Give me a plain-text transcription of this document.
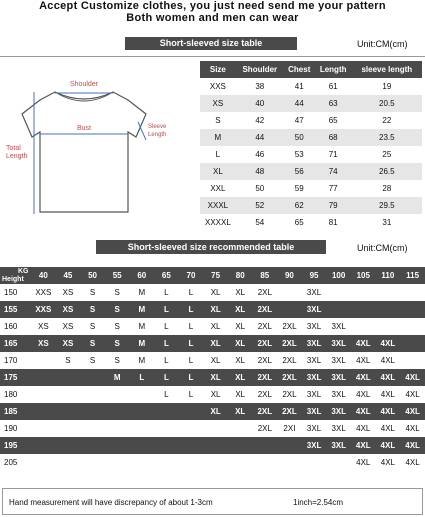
Accept Customize clothes, you just need send me your pattern
Both women and men can wear
Short-sleeved size table	Unit:CM(cm)
Shoulder
Bust	Sleeve
Length
Total
Length
Size	Shoulder	Chest	Length	sleeve length
XXS	38	41	61	19
XS	40	44	63	20.5
S	42	47	65	22
M	44	50	68	23.5
L	46	53	71	25
XL	48	56	74	26.5
XXL	50	59	77	28
XXXL	52	62	79	29.5
XXXXL	54	65	81	31
Short-sleeved size recommended table	Unit:CM(cm)
KG
Height	40	45	50	55	60	65	70	75	80	85	90	95	100	105	110	115
150	XXS	XS	S	S	M	L	L	XL	XL	2XL		3XL				
155	XXS	XS	S	S	M	L	L	XL	XL	2XL		3XL				
160	XS	XS	S	S	M	L	L	XL	XL	2XL	2XL	3XL	3XL			
165	XS	XS	S	S	M	L	L	XL	XL	2XL	2XL	3XL	3XL	4XL	4XL	
170		S	S	S	M	L	L	XL	XL	2XL	2XL	3XL	3XL	4XL	4XL	
175				M	L	L	L	XL	XL	2XL	2XL	3XL	3XL	4XL	4XL	4XL
180						L	L	XL	XL	2XL	2XL	3XL	3XL	4XL	4XL	4XL
185								XL	XL	2XL	2XL	3XL	3XL	4XL	4XL	4XL
190										2XL	2XI	3XL	3XL	4XL	4XL	4XL
195												3XL	3XL	4XL	4XL	4XL
205														4XL	4XL	4XL
Hand measurement will have discrepancy of about 1-3cm	1inch=2.54cm
